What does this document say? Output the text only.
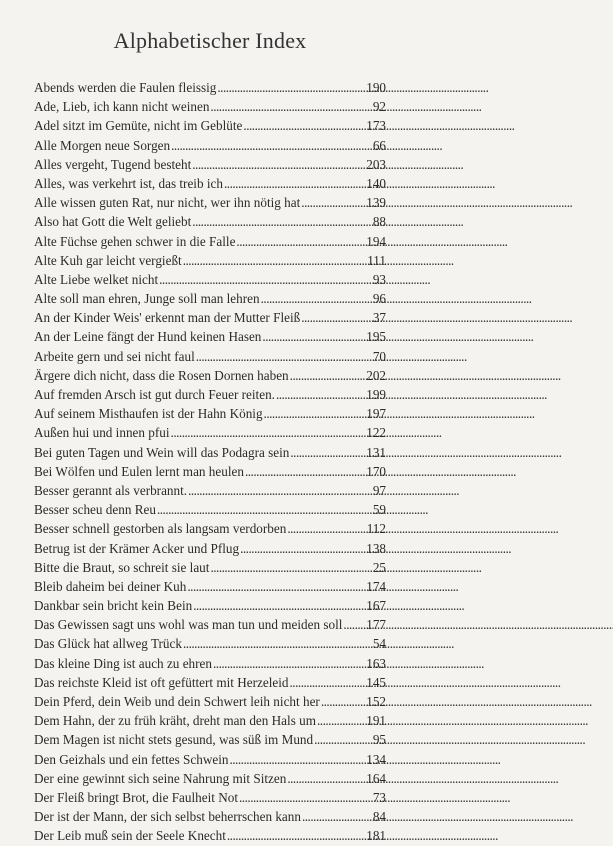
Alphabetischer Index
Abends werden die Faulen fleissig . . .	190
Ade, Lieb, ich kann nicht weinen . . .	92
Adel sitzt im Gemüte, nicht im Geblüte . . .	173
Alle Morgen neue Sorgen . . .	66
Alles vergeht, Tugend besteht . . .	203
Alles, was verkehrt ist, das treib ich . . .	140
Alle wissen guten Rat, nur nicht, wer ihn nötig hat . . .	139
Also hat Gott die Welt geliebt . . .	88
Alte Füchse gehen schwer in die Falle . . .	194
Alte Kuh gar leicht vergießt . . .	111
Alte Liebe welket nicht . . .	93
Alte soll man ehren, Junge soll man lehren . . .	96
An der Kinder Weis' erkennt man der Mutter Fleiß . . .	37
An der Leine fängt der Hund keinen Hasen . . .	195
Arbeite gern und sei nicht faul . . .	70
Ärgere dich nicht, dass die Rosen Dornen haben . . .	202
Auf fremden Arsch ist gut durch Feuer reiten. . . .	199
Auf seinem Misthaufen ist der Hahn König . . .	197
Außen hui und innen pfui . . .	122
Bei guten Tagen und Wein will das Podagra sein . . .	131
Bei Wölfen und Eulen lernt man heulen . . .	170
Besser gerannt als verbrannt. . . .	97
Besser scheu denn Reu . . .	59
Besser schnell gestorben als langsam verdorben . . .	112
Betrug ist der Krämer Acker und Pflug . . .	138
Bitte die Braut, so schreit sie laut . . .	25
Bleib daheim bei deiner Kuh . . .	174
Dankbar sein bricht kein Bein . . .	167
Das Gewissen sagt uns wohl was man tun und meiden soll . . . 177
Das Glück hat allweg Trück . . .	54
Das kleine Ding ist auch zu ehren . . .	163
Das reichste Kleid ist oft gefüttert mit Herzeleid . . .	145
Dein Pferd, dein Weib und dein Schwert leih nicht her . . .	152
Dem Hahn, der zu früh kräht, dreht man den Hals um . . .	191
Dem Magen ist nicht stets gesund, was süß im Mund . . .	95
Den Geizhals und ein fettes Schwein . . .	134
Der eine gewinnt sich seine Nahrung mit Sitzen . . .	164
Der Fleiß bringt Brot, die Faulheit Not . . .	73
Der ist der Mann, der sich selbst beherrschen kann . . .	84
Der Leib muß sein der Seele Knecht . . .	181
